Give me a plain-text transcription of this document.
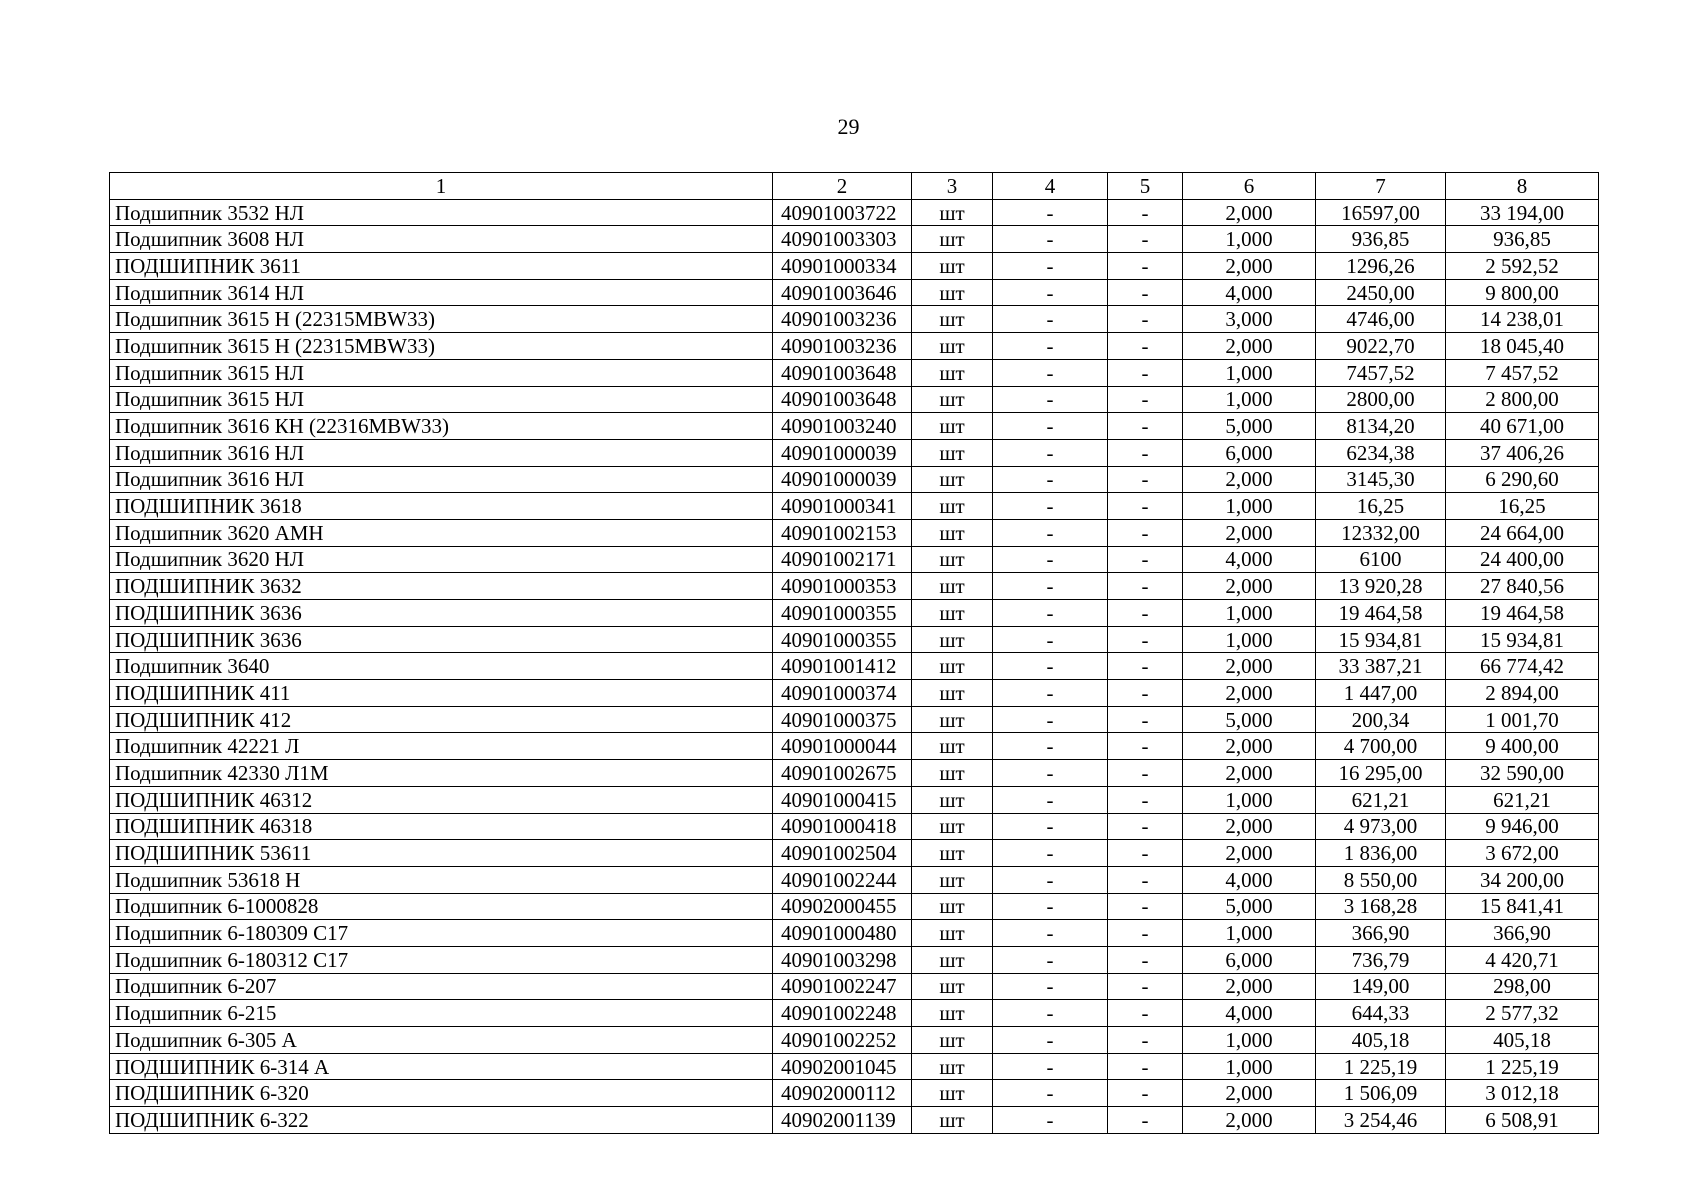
29
1	2	3	4	5	6	7	8
Подшипник 3532 НЛ	40901003722	шт	-	-	2,000	16597,00	33 194,00
Подшипник 3608 НЛ	40901003303	шт	-	-	1,000	936,85	936,85
ПОДШИПНИК 3611	40901000334	шт	-	-	2,000	1296,26	2 592,52
Подшипник 3614 НЛ	40901003646	шт	-	-	4,000	2450,00	9 800,00
Подшипник 3615 Н (22315MBW33)	40901003236	шт	-	-	3,000	4746,00	14 238,01
Подшипник 3615 Н (22315MBW33)	40901003236	шт	-	-	2,000	9022,70	18 045,40
Подшипник 3615 НЛ	40901003648	шт	-	-	1,000	7457,52	7 457,52
Подшипник 3615 НЛ	40901003648	шт	-	-	1,000	2800,00	2 800,00
Подшипник 3616 КН (22316MBW33)	40901003240	шт	-	-	5,000	8134,20	40 671,00
Подшипник 3616 НЛ	40901000039	шт	-	-	6,000	6234,38	37 406,26
Подшипник 3616 НЛ	40901000039	шт	-	-	2,000	3145,30	6 290,60
ПОДШИПНИК 3618	40901000341	шт	-	-	1,000	16,25	16,25
Подшипник 3620 АМН	40901002153	шт	-	-	2,000	12332,00	24 664,00
Подшипник 3620 НЛ	40901002171	шт	-	-	4,000	6100	24 400,00
ПОДШИПНИК 3632	40901000353	шт	-	-	2,000	13 920,28	27 840,56
ПОДШИПНИК 3636	40901000355	шт	-	-	1,000	19 464,58	19 464,58
ПОДШИПНИК 3636	40901000355	шт	-	-	1,000	15 934,81	15 934,81
Подшипник 3640	40901001412	шт	-	-	2,000	33 387,21	66 774,42
ПОДШИПНИК 411	40901000374	шт	-	-	2,000	1 447,00	2 894,00
ПОДШИПНИК 412	40901000375	шт	-	-	5,000	200,34	1 001,70
Подшипник 42221 Л	40901000044	шт	-	-	2,000	4 700,00	9 400,00
Подшипник 42330 Л1М	40901002675	шт	-	-	2,000	16 295,00	32 590,00
ПОДШИПНИК 46312	40901000415	шт	-	-	1,000	621,21	621,21
ПОДШИПНИК 46318	40901000418	шт	-	-	2,000	4 973,00	9 946,00
ПОДШИПНИК 53611	40901002504	шт	-	-	2,000	1 836,00	3 672,00
Подшипник 53618 Н	40901002244	шт	-	-	4,000	8 550,00	34 200,00
Подшипник 6-1000828	40902000455	шт	-	-	5,000	3 168,28	15 841,41
Подшипник 6-180309 С17	40901000480	шт	-	-	1,000	366,90	366,90
Подшипник 6-180312 С17	40901003298	шт	-	-	6,000	736,79	4 420,71
Подшипник 6-207	40901002247	шт	-	-	2,000	149,00	298,00
Подшипник 6-215	40901002248	шт	-	-	4,000	644,33	2 577,32
Подшипник 6-305 А	40901002252	шт	-	-	1,000	405,18	405,18
ПОДШИПНИК 6-314 А	40902001045	шт	-	-	1,000	1 225,19	1 225,19
ПОДШИПНИК 6-320	40902000112	шт	-	-	2,000	1 506,09	3 012,18
ПОДШИПНИК 6-322	40902001139	шт	-	-	2,000	3 254,46	6 508,91
